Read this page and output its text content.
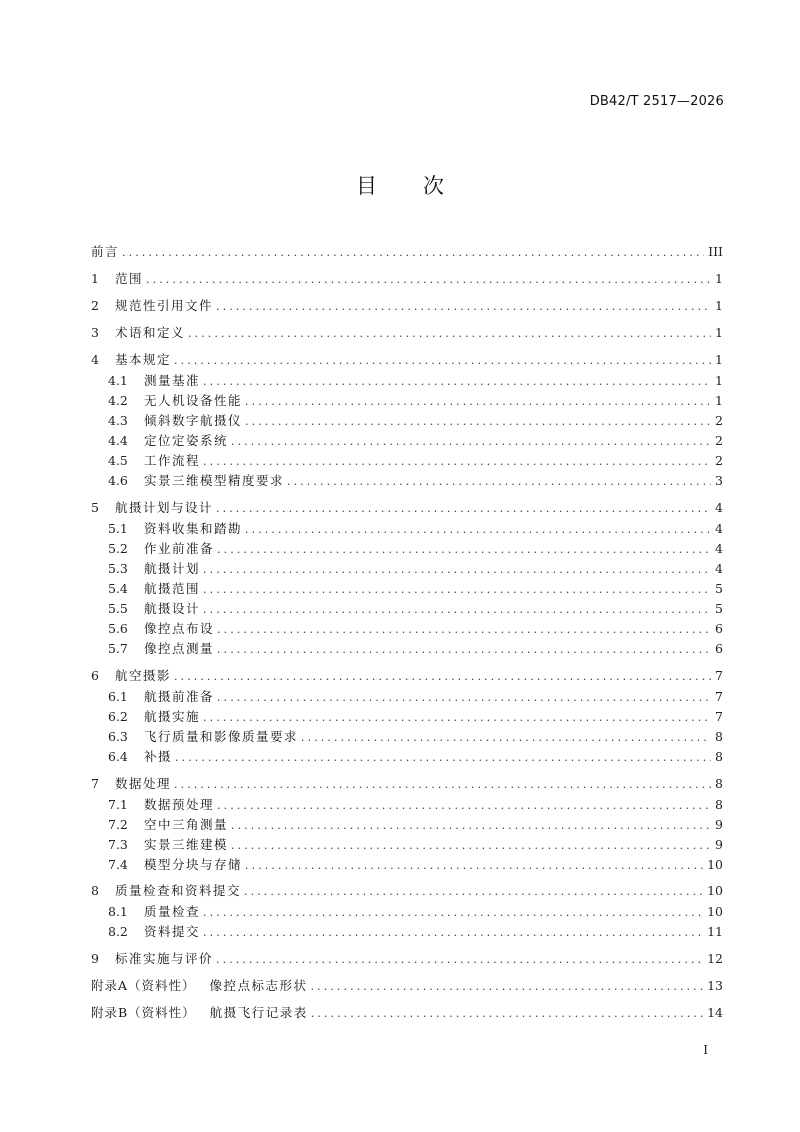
DB42/T 2517—2026
目 次
前言 .....	III
1	范围 .....	1
2	规范性引用文件 .....	1
3	术语和定义 .....	1
4	基本规定 .....	1
4.1	测量基准 .....	1
4.2	无人机设备性能 .....	1
4.3	倾斜数字航摄仪 .....	2
4.4	定位定姿系统 .....	2
4.5	工作流程 .....	2
4.6	实景三维模型精度要求 .....	3
5	航摄计划与设计 .....	4
5.1	资料收集和踏勘 .....	4
5.2	作业前准备 .....	4
5.3	航摄计划 .....	4
5.4	航摄范围 .....	5
5.5	航摄设计 .....	5
5.6	像控点布设 .....	6
5.7	像控点测量 .....	6
6	航空摄影 .....	7
6.1	航摄前准备 .....	7
6.2	航摄实施 .....	7
6.3	飞行质量和影像质量要求 .....	8
6.4	补摄 .....	8
7	数据处理 .....	8
7.1	数据预处理 .....	8
7.2	空中三角测量 .....	9
7.3	实景三维建模 .....	9
7.4	模型分块与存储 .....	10
8	质量检查和资料提交 .....	10
8.1	质量检查 .....	10
8.2	资料提交 .....	11
9	标准实施与评价 .....	12
附录A（资料性） 像控点标志形状 .....	13
附录B（资料性） 航摄飞行记录表 .....	14
I
